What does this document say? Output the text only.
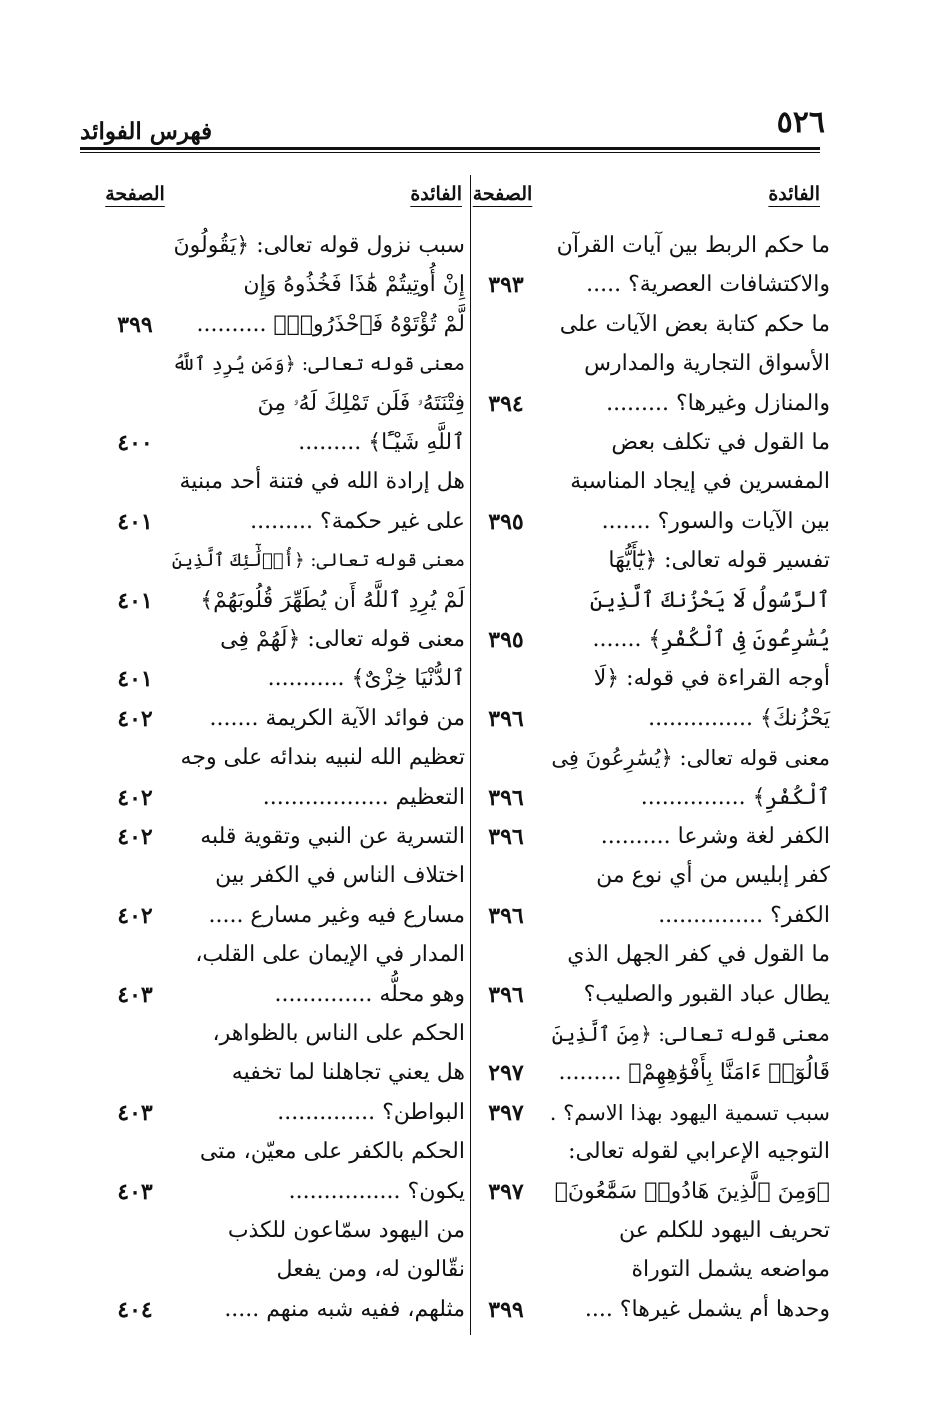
٥٢٦
فهرس الفوائد
الفائدة
الصفحة
الفائدة
الصفحة
ما حكم الربط بين آيات القرآن
والاكتشافات العصرية؟ .....
٣٩٣
ما حكم كتابة بعض الآيات على
الأسواق التجارية والمدارس
والمنازل وغيرها؟ .........
٣٩٤
ما القول في تكلف بعض
المفسرين في إيجاد المناسبة
بين الآيات والسور؟ .......
٣٩٥
تفسير قوله تعالى: ﴿يَٰٓأَيُّهَا
ٱلرَّسُولُ لَا يَحْزُنكَ ٱلَّذِينَ
يُسَٰرِعُونَ فِى ٱلْكُفْرِ﴾ .......
٣٩٥
أوجه القراءة في قوله: ﴿لَا
يَحْزُنكَ﴾ ...............
٣٩٦
معنى قوله تعالى: ﴿يُسَٰرِعُونَ فِى
ٱلْكُفْرِ﴾ ...............
٣٩٦
الكفر لغة وشرعا ..........
٣٩٦
كفر إبليس من أي نوع من
الكفر؟ ...............
٣٩٦
ما القول في كفر الجهل الذي
يطال عباد القبور والصليب؟
٣٩٦
معنى قوله تعالى: ﴿مِنَ ٱلَّذِينَ
قَالُوٓا۟ ءَامَنَّا بِأَفْوَٰهِهِمْ﴾ .........
٢٩٧
سبب تسمية اليهود بهذا الاسم؟ .
٣٩٧
التوجيه الإعرابي لقوله تعالى:
﴿وَمِنَ ٱلَّذِينَ هَادُوا۟ سَمَّٰعُونَ﴾
٣٩٧
تحريف اليهود للكلم عن
مواضعه يشمل التوراة
وحدها أم يشمل غيرها؟ ....
٣٩٩
سبب نزول قوله تعالى: ﴿يَقُولُونَ
إِنْ أُوتِيتُمْ هَٰذَا فَخُذُوهُ وَإِن
لَّمْ تُؤْتَوْهُ فَٱحْذَرُوا۟﴾ ..........
٣٩٩
معنى قوله تعالى: ﴿وَمَن يُرِدِ ٱللَّهُ
فِتْنَتَهُۥ فَلَن تَمْلِكَ لَهُۥ مِنَ
ٱللَّهِ شَيْـًٔا﴾ .........
٤٠٠
هل إرادة الله في فتنة أحد مبنية
على غير حكمة؟ .........
٤٠١
معنى قوله تعالى: ﴿أُو۟لَٰٓئِكَ ٱلَّذِينَ
لَمْ يُرِدِ ٱللَّهُ أَن يُطَهِّرَ قُلُوبَهُمْ﴾
٤٠١
معنى قوله تعالى: ﴿لَهُمْ فِى
ٱلدُّنْيَا خِزْىٌ﴾ ...........
٤٠١
من فوائد الآية الكريمة .......
٤٠٢
تعظيم الله لنبيه بندائه على وجه
التعظيم ..................
٤٠٢
التسرية عن النبي وتقوية قلبه
٤٠٢
اختلاف الناس في الكفر بين
مسارع فيه وغير مسارع .....
٤٠٢
المدار في الإيمان على القلب،
وهو محلُّه ..............
٤٠٣
الحكم على الناس بالظواهر،
هل يعني تجاهلنا لما تخفيه
البواطن؟ ..............
٤٠٣
الحكم بالكفر على معيّن، متى
يكون؟ ................
٤٠٣
من اليهود سمّاعون للكذب
نقّالون له، ومن يفعل
مثلهم، ففيه شبه منهم .....
٤٠٤
